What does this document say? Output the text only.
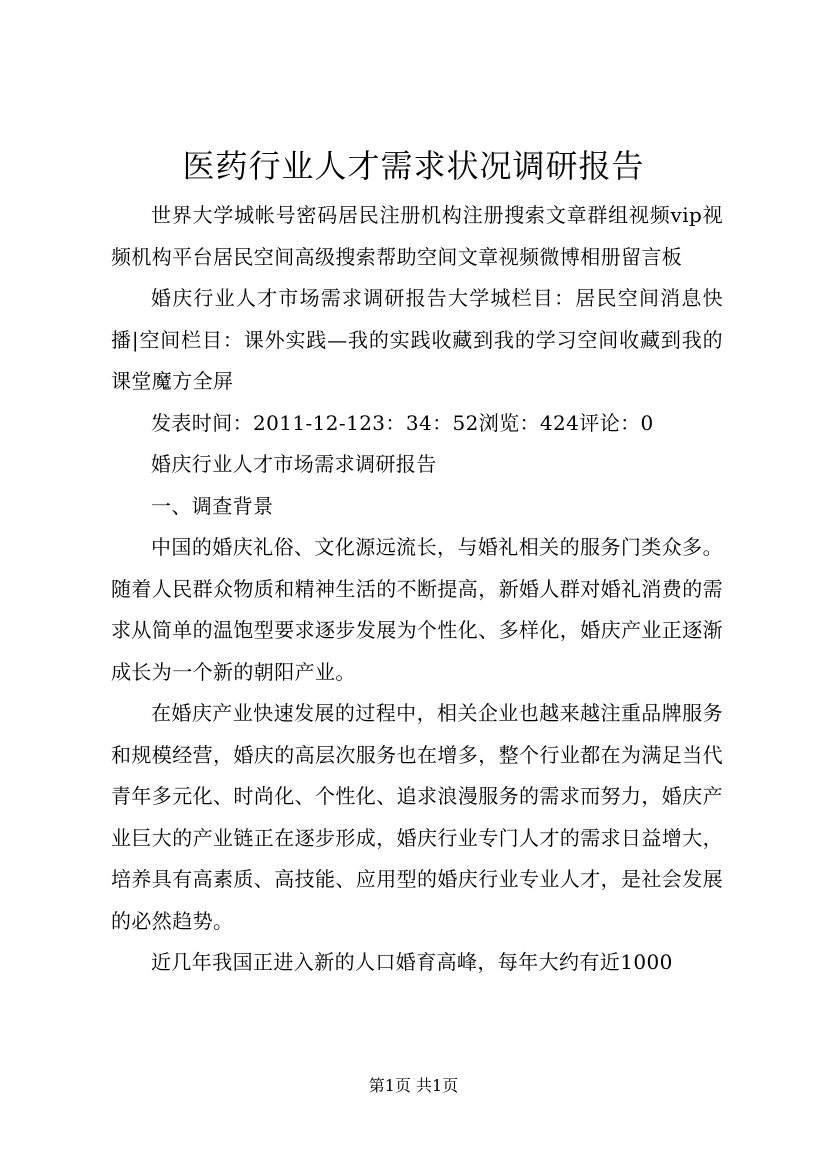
医药行业人才需求状况调研报告

世界大学城帐号密码居民注册机构注册搜索文章群组视频vip视频机构平台居民空间高级搜索帮助空间文章视频微博相册留言板

婚庆行业人才市场需求调研报告大学城栏目：居民空间消息快播|空间栏目：课外实践—我的实践收藏到我的学习空间收藏到我的课堂魔方全屏

发表时间：2011-12-123：34：52浏览：424评论：0

婚庆行业人才市场需求调研报告

一、调查背景

中国的婚庆礼俗、文化源远流长，与婚礼相关的服务门类众多。随着人民群众物质和精神生活的不断提高，新婚人群对婚礼消费的需求从简单的温饱型要求逐步发展为个性化、多样化，婚庆产业正逐渐成长为一个新的朝阳产业。

在婚庆产业快速发展的过程中，相关企业也越来越注重品牌服务和规模经营，婚庆的高层次服务也在增多，整个行业都在为满足当代青年多元化、时尚化、个性化、追求浪漫服务的需求而努力，婚庆产业巨大的产业链正在逐步形成，婚庆行业专门人才的需求日益增大，培养具有高素质、高技能、应用型的婚庆行业专业人才，是社会发展的必然趋势。

近几年我国正进入新的人口婚育高峰，每年大约有近1000

第1页 共1页
